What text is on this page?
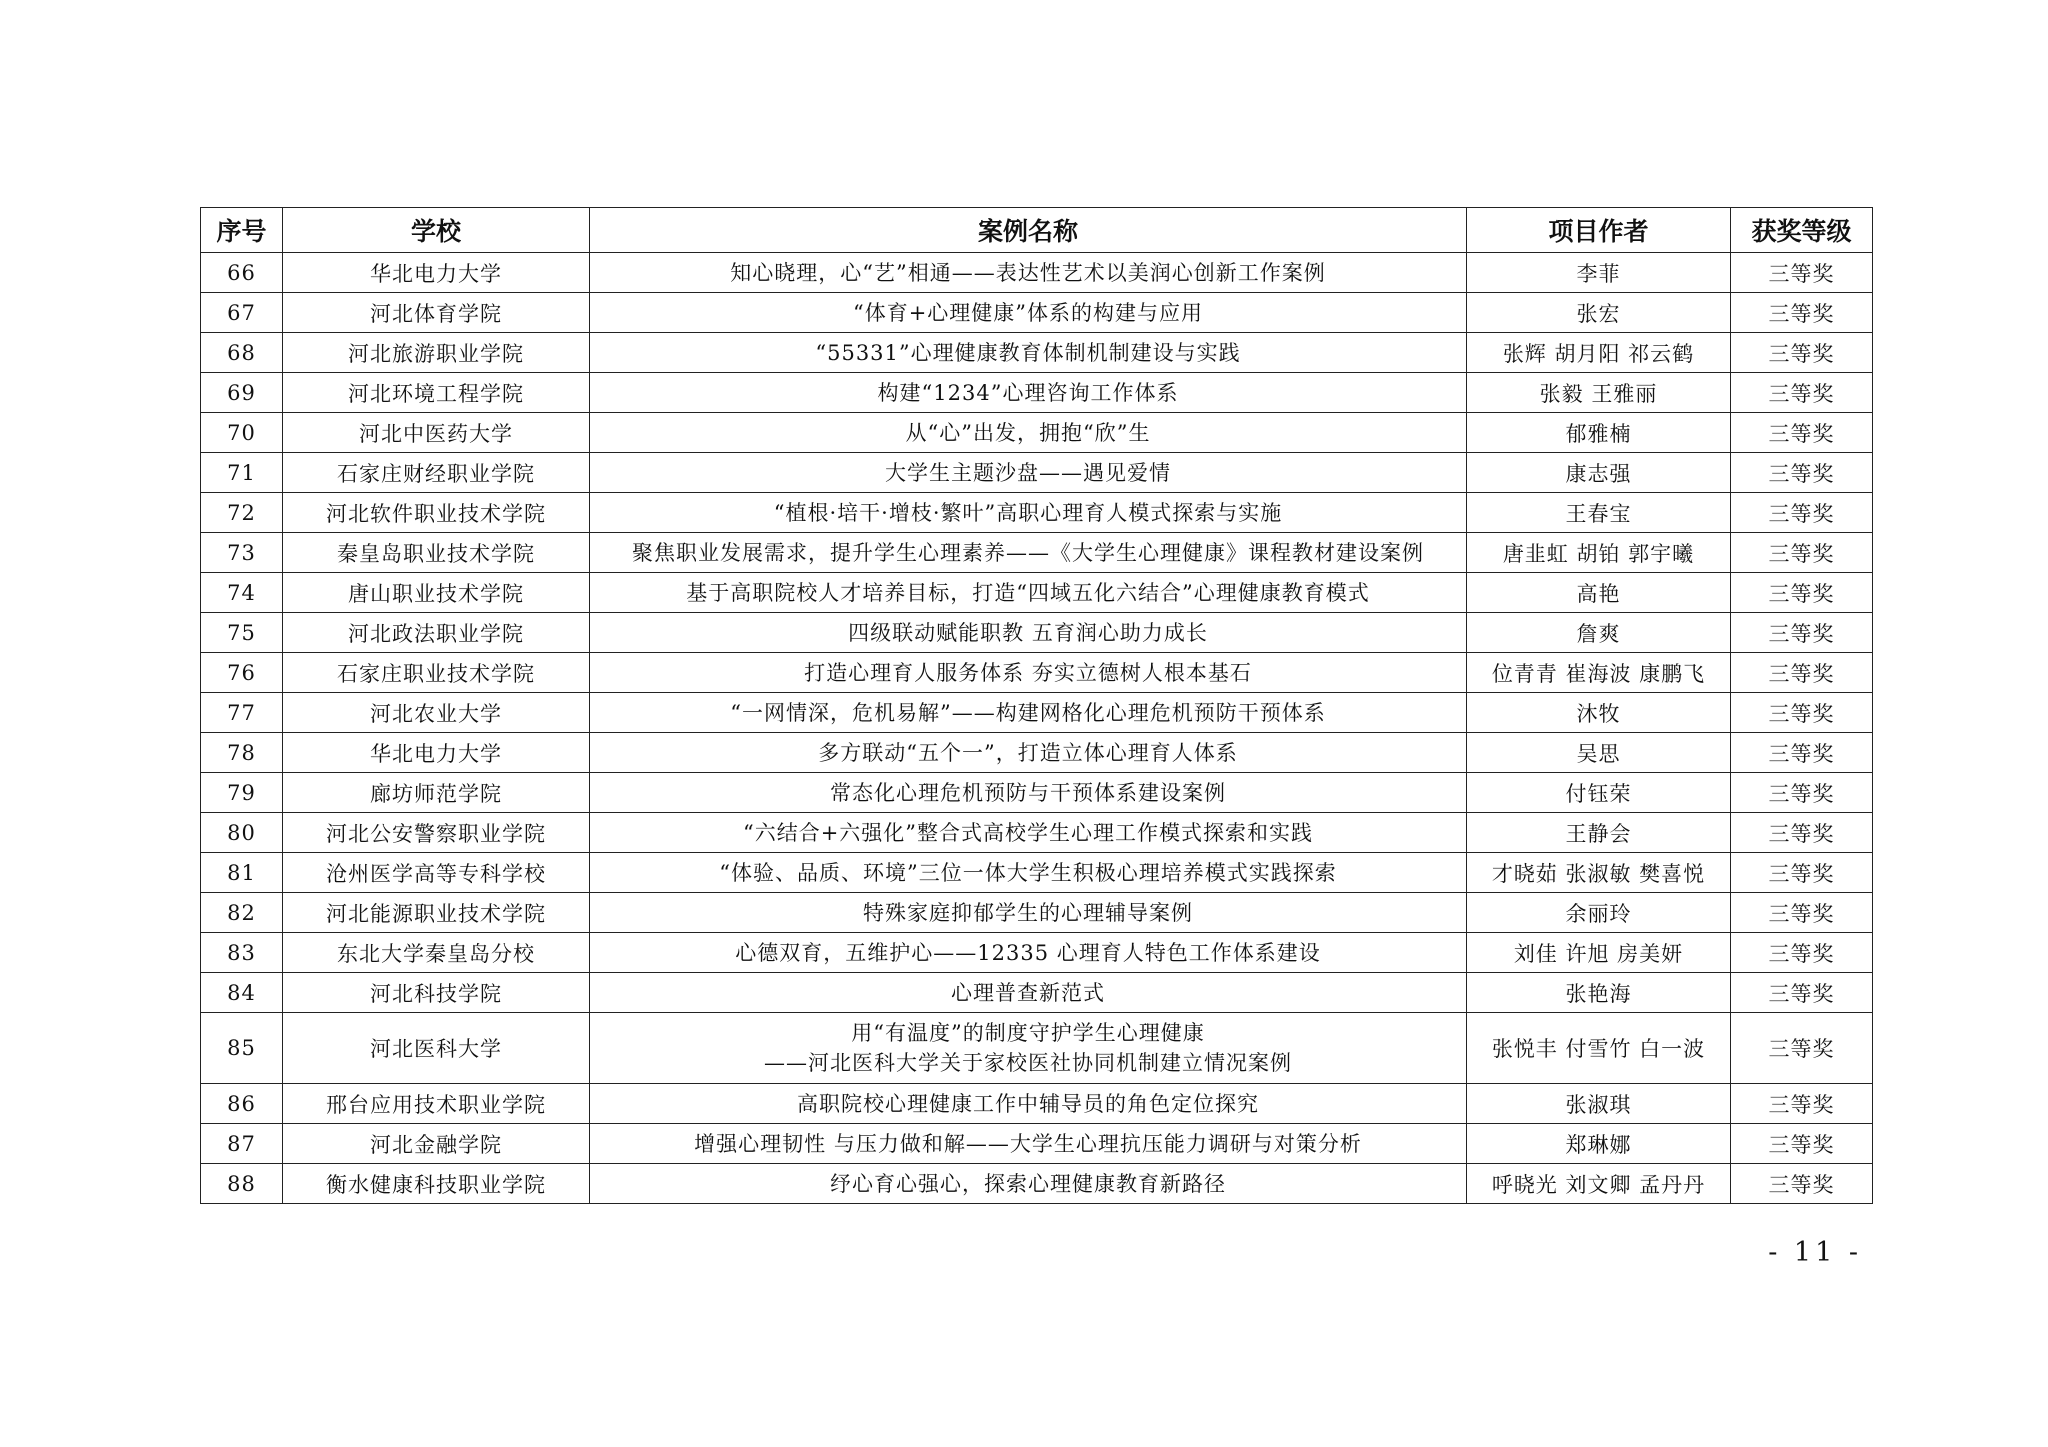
序号	学校	案例名称	项目作者	获奖等级
66	华北电力大学	知心晓理，心“艺”相通——表达性艺术以美润心创新工作案例	李菲	三等奖
67	河北体育学院	“体育+心理健康”体系的构建与应用	张宏	三等奖
68	河北旅游职业学院	“55331”心理健康教育体制机制建设与实践	张辉 胡月阳 祁云鹤	三等奖
69	河北环境工程学院	构建“1234”心理咨询工作体系	张毅 王雅丽	三等奖
70	河北中医药大学	从“心”出发，拥抱“欣”生	郁雅楠	三等奖
71	石家庄财经职业学院	大学生主题沙盘——遇见爱情	康志强	三等奖
72	河北软件职业技术学院	“植根·培干·增枝·繁叶”高职心理育人模式探索与实施	王春宝	三等奖
73	秦皇岛职业技术学院	聚焦职业发展需求，提升学生心理素养——《大学生心理健康》课程教材建设案例	唐韭虹 胡铂 郭宇曦	三等奖
74	唐山职业技术学院	基于高职院校人才培养目标，打造“四域五化六结合”心理健康教育模式	高艳	三等奖
75	河北政法职业学院	四级联动赋能职教 五育润心助力成长	詹爽	三等奖
76	石家庄职业技术学院	打造心理育人服务体系 夯实立德树人根本基石	位青青 崔海波 康鹏飞	三等奖
77	河北农业大学	“一网情深，危机易解”——构建网格化心理危机预防干预体系	沐牧	三等奖
78	华北电力大学	多方联动“五个一”，打造立体心理育人体系	吴思	三等奖
79	廊坊师范学院	常态化心理危机预防与干预体系建设案例	付钰荣	三等奖
80	河北公安警察职业学院	“六结合+六强化”整合式高校学生心理工作模式探索和实践	王静会	三等奖
81	沧州医学高等专科学校	“体验、品质、环境”三位一体大学生积极心理培养模式实践探索	才晓茹 张淑敏 樊喜悦	三等奖
82	河北能源职业技术学院	特殊家庭抑郁学生的心理辅导案例	余丽玲	三等奖
83	东北大学秦皇岛分校	心德双育，五维护心——12335 心理育人特色工作体系建设	刘佳 许旭 房美妍	三等奖
84	河北科技学院	心理普查新范式	张艳海	三等奖
85	河北医科大学	用“有温度”的制度守护学生心理健康
——河北医科大学关于家校医社协同机制建立情况案例	张悦丰 付雪竹 白一波	三等奖
86	邢台应用技术职业学院	高职院校心理健康工作中辅导员的角色定位探究	张淑琪	三等奖
87	河北金融学院	增强心理韧性 与压力做和解——大学生心理抗压能力调研与对策分析	郑琳娜	三等奖
88	衡水健康科技职业学院	纾心育心强心，探索心理健康教育新路径	呼晓光 刘文卿 孟丹丹	三等奖
- 11 -
